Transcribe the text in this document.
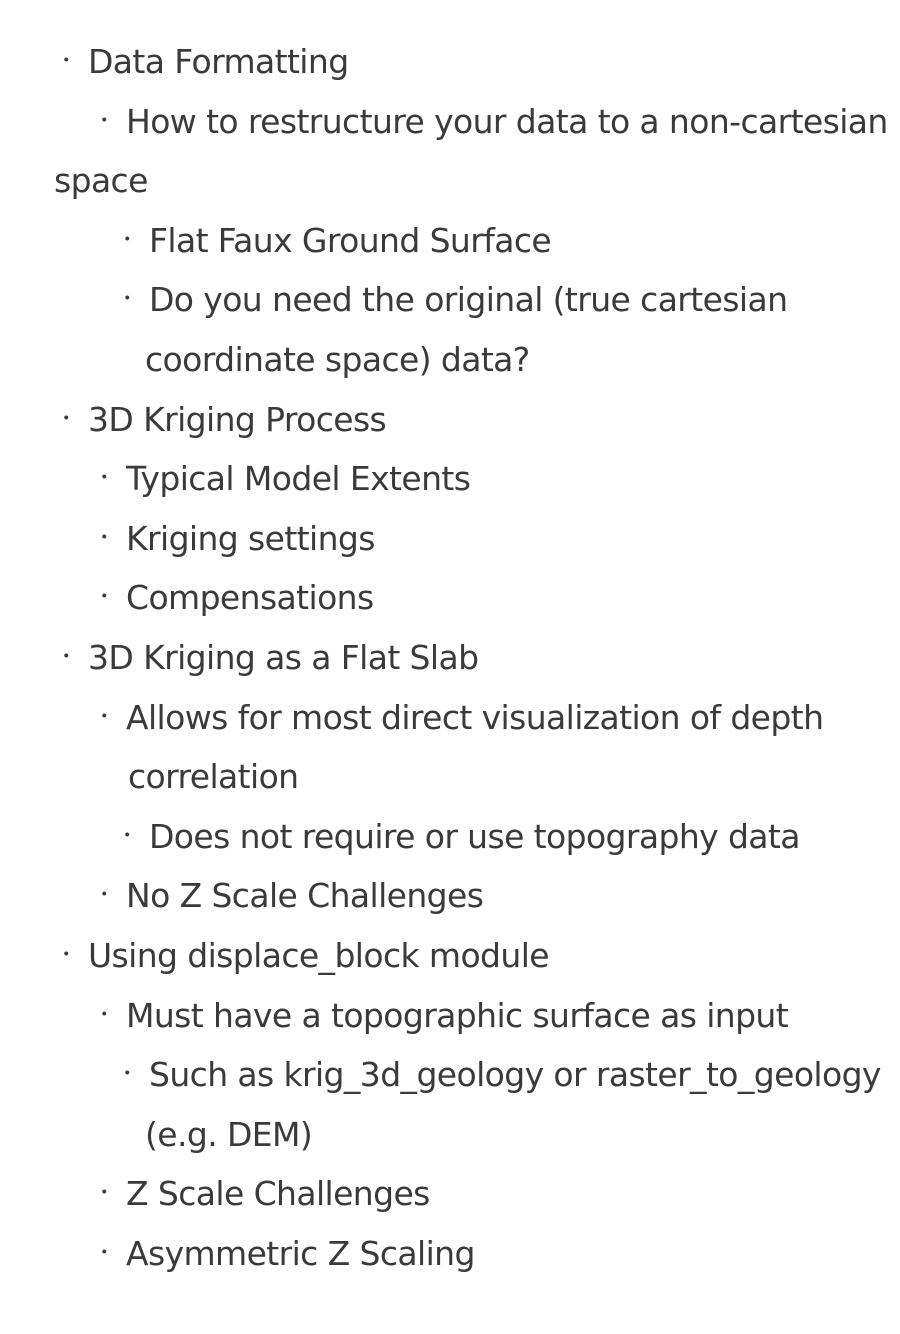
・ Data Formatting
・ How to restructure your data to a non-cartesian
space
・ Flat Faux Ground Surface
・ Do you need the original (true cartesian
coordinate space) data?
・ 3D Kriging Process
・ Typical Model Extents
・ Kriging settings
・ Compensations
・ 3D Kriging as a Flat Slab
・ Allows for most direct visualization of depth
correlation
・ Does not require or use topography data
・ No Z Scale Challenges
・ Using displace_block module
・ Must have a topographic surface as input
・ Such as krig_3d_geology or raster_to_geology
(e.g. DEM)
・ Z Scale Challenges
・ Asymmetric Z Scaling
